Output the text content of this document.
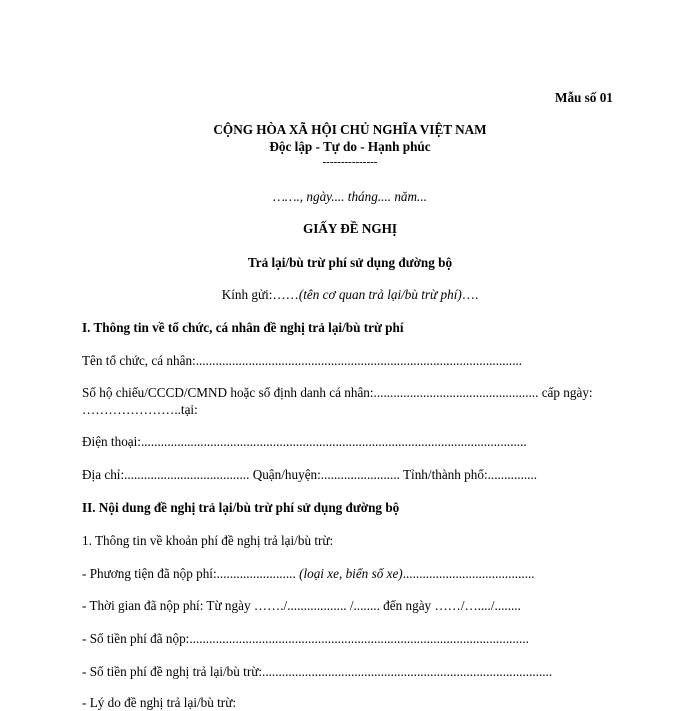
Mẫu số 01
CỘNG HÒA XÃ HỘI CHỦ NGHĨA VIỆT NAM
Độc lập - Tự do - Hạnh phúc
---------------
……., ngày.... tháng.... năm...
GIẤY ĐỀ NGHỊ
Trả lại/bù trừ phí sử dụng đường bộ
Kính gửi:……(tên cơ quan trả lại/bù trừ phí)….
I. Thông tin về tổ chức, cá nhân đề nghị trả lại/bù trừ phí
Tên tổ chức, cá nhân:...................................................................................................
Số hộ chiếu/CCCD/CMND hoặc số định danh cá nhân:.................................................. cấp ngày:
…………………..tại:
Điện thoại:.....................................................................................................................
Địa chỉ:...................................... Quận/huyện:........................ Tỉnh/thành phố:...............
II. Nội dung đề nghị trả lại/bù trừ phí sử dụng đường bộ
1. Thông tin về khoản phí đề nghị trả lại/bù trừ:
- Phương tiện đã nộp phí:........................ (loại xe, biển số xe)........................................
- Thời gian đã nộp phí: Từ ngày ……./.................. /........ đến ngày ……/…..../........
- Số tiền phí đã nộp:.......................................................................................................
- Số tiền phí đề nghị trả lại/bù trừ:........................................................................................
- Lý do đề nghị trả lại/bù trừ:
